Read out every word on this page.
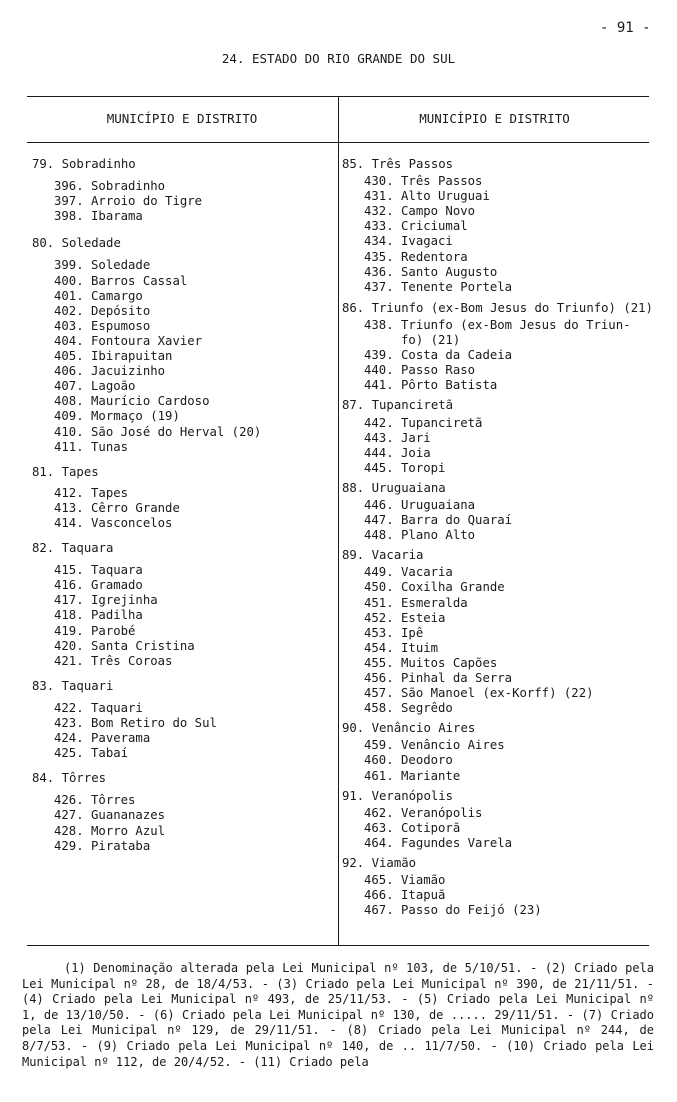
- 91 -
24. ESTADO DO RIO GRANDE DO SUL
MUNICÍPIO E DISTRITO	MUNICÍPIO E DISTRITO
79. Sobradinho
396. Sobradinho
397. Arroio do Tigre
398. Ibarama
80. Soledade
399. Soledade
400. Barros Cassal
401. Camargo
402. Depósito
403. Espumoso
404. Fontoura Xavier
405. Ibirapuitan
406. Jacuizinho
407. Lagoão
408. Maurício Cardoso
409. Mormaço (19)
410. São José do Herval (20)
411. Tunas
81. Tapes
412. Tapes
413. Cêrro Grande
414. Vasconcelos
82. Taquara
415. Taquara
416. Gramado
417. Igrejinha
418. Padilha
419. Parobé
420. Santa Cristina
421. Três Coroas
83. Taquari
422. Taquari
423. Bom Retiro do Sul
424. Paverama
425. Tabaí
84. Tôrres
426. Tôrres
427. Guananazes
428. Morro Azul
429. Pirataba
85. Três Passos
430. Três Passos
431. Alto Uruguai
432. Campo Novo
433. Criciumal
434. Ivagaci
435. Redentora
436. Santo Augusto
437. Tenente Portela
86. Triunfo (ex-Bom Jesus do Triunfo) (21)
438. Triunfo (ex-Bom Jesus do Triun-
fo) (21)
439. Costa da Cadeia
440. Passo Raso
441. Pôrto Batista
87. Tupanciretã
442. Tupanciretã
443. Jari
444. Joia
445. Toropi
88. Uruguaiana
446. Uruguaiana
447. Barra do Quaraí
448. Plano Alto
89. Vacaria
449. Vacaria
450. Coxilha Grande
451. Esmeralda
452. Esteia
453. Ipê
454. Ituim
455. Muitos Capões
456. Pinhal da Serra
457. São Manoel (ex-Korff) (22)
458. Segrêdo
90. Venâncio Aires
459. Venâncio Aires
460. Deodoro
461. Mariante
91. Veranópolis
462. Veranópolis
463. Cotiporã
464. Fagundes Varela
92. Viamão
465. Viamão
466. Itapuã
467. Passo do Feijó (23)
(1) Denominação alterada pela Lei Municipal nº 103, de 5/10/51. - (2) Criado pela Lei Municipal nº 28, de 18/4/53. - (3) Criado pela Lei Municipal nº 390, de 21/11/51. - (4) Criado pela Lei Municipal nº 493, de 25/11/53. - (5) Criado pela Lei Municipal nº 1, de 13/10/50. - (6) Criado pela Lei Municipal nº 130, de ..... 29/11/51. - (7) Criado pela Lei Municipal nº 129, de 29/11/51. - (8) Criado pela Lei Municipal nº 244, de 8/7/53. - (9) Criado pela Lei Municipal nº 140, de .. 11/7/50. - (10) Criado pela Lei Municipal nº 112, de 20/4/52. - (11) Criado pela
